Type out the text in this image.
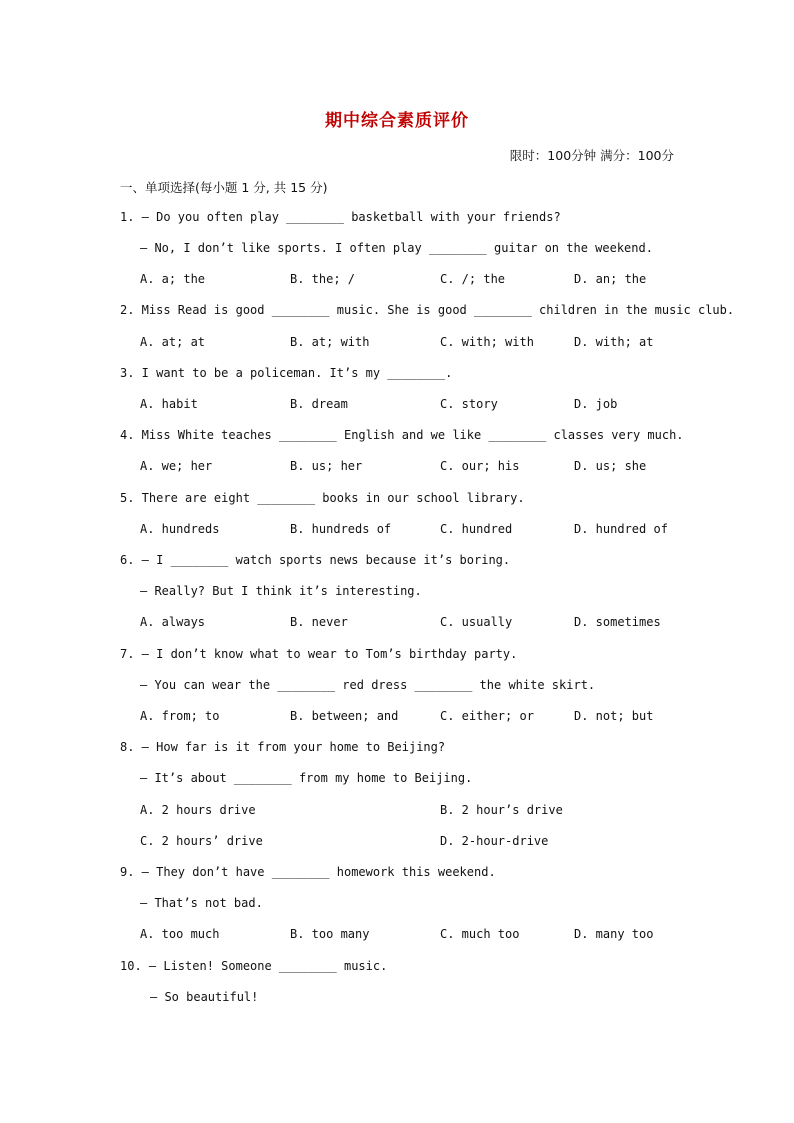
期中综合素质评价
限时：100分钟 满分：100分
一、单项选择(每小题 1 分, 共 15 分)
1. — Do you often play ________ basketball with your friends?
— No, I don’t like sports. I often play ________ guitar on the weekend.
A. a; the	B. the; /	C. /; the	D. an; the
2. Miss Read is good ________ music. She is good ________ children in the music club.
A. at; at	B. at; with	C. with; with	D. with; at
3. I want to be a policeman. It’s my ________.
A. habit	B. dream	C. story	D. job
4. Miss White teaches ________ English and we like ________ classes very much.
A. we; her	B. us; her	C. our; his	D. us; she
5. There are eight ________ books in our school library.
A. hundreds	B. hundreds of	C. hundred	D. hundred of
6. — I ________ watch sports news because it’s boring.
— Really? But I think it’s interesting.
A. always	B. never	C. usually	D. sometimes
7. — I don’t know what to wear to Tom’s birthday party.
— You can wear the ________ red dress ________ the white skirt.
A. from; to	B. between; and	C. either; or	D. not; but
8. — How far is it from your home to Beijing?
— It’s about ________ from my home to Beijing.
A. 2 hours drive	B. 2 hour’s drive
C. 2 hours’ drive	D. 2-hour-drive
9. — They don’t have ________ homework this weekend.
— That’s not bad.
A. too much	B. too many	C. much too	D. many too
10. — Listen! Someone ________ music.
— So beautiful!
